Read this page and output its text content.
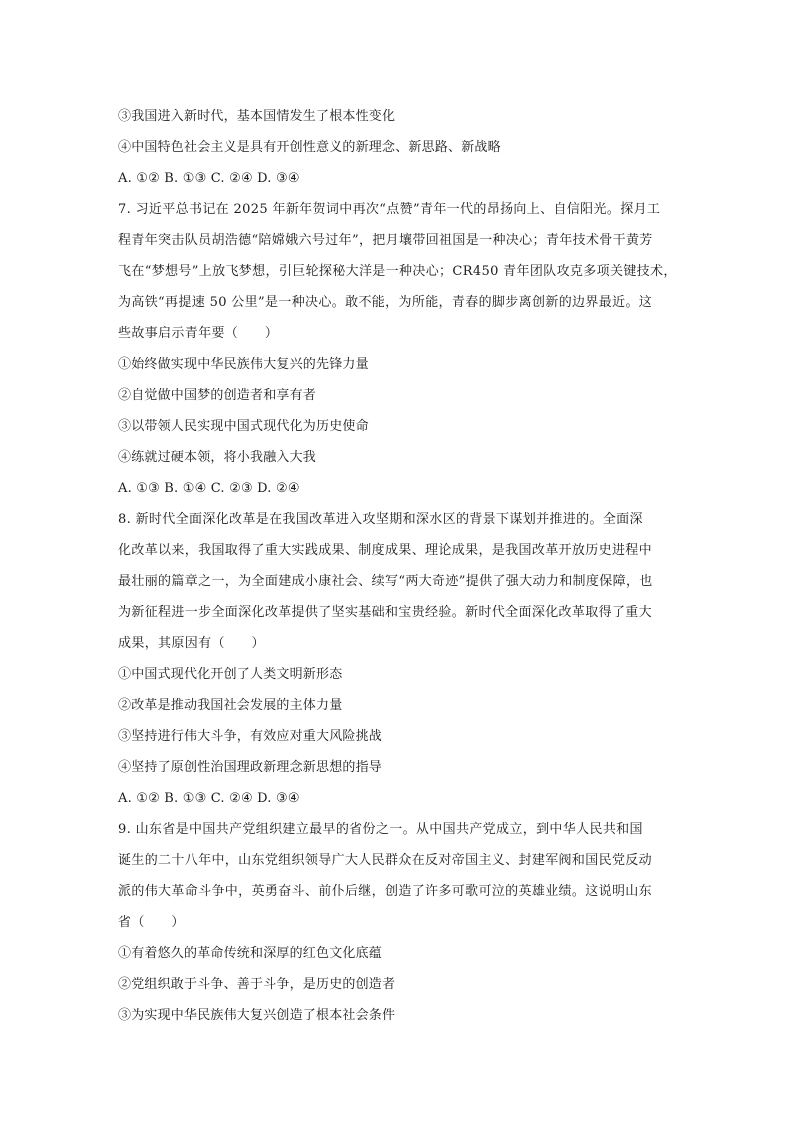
③我国进入新时代，基本国情发生了根本性变化
④中国特色社会主义是具有开创性意义的新理念、新思路、新战略
A. ①② B. ①③ C. ②④ D. ③④
7. 习近平总书记在 2025 年新年贺词中再次“点赞”青年一代的昂扬向上、自信阳光。探月工
程青年突击队员胡浩德“陪嫦娥六号过年”，把月壤带回祖国是一种决心；青年技术骨干黄芳
飞在“梦想号”上放飞梦想，引巨轮探秘大洋是一种决心；CR450 青年团队攻克多项关键技术，
为高铁“再提速 50 公里”是一种决心。敢不能，为所能，青春的脚步离创新的边界最近。这
些故事启示青年要（　　）
①始终做实现中华民族伟大复兴的先锋力量
②自觉做中国梦的创造者和享有者
③以带领人民实现中国式现代化为历史使命
④练就过硬本领，将小我融入大我
A. ①③ B. ①④ C. ②③ D. ②④
8. 新时代全面深化改革是在我国改革进入攻坚期和深水区的背景下谋划并推进的。全面深
化改革以来，我国取得了重大实践成果、制度成果、理论成果，是我国改革开放历史进程中
最壮丽的篇章之一，为全面建成小康社会、续写“两大奇迹”提供了强大动力和制度保障，也
为新征程进一步全面深化改革提供了坚实基础和宝贵经验。新时代全面深化改革取得了重大
成果，其原因有（　　）
①中国式现代化开创了人类文明新形态
②改革是推动我国社会发展的主体力量
③坚持进行伟大斗争，有效应对重大风险挑战
④坚持了原创性治国理政新理念新思想的指导
A. ①② B. ①③ C. ②④ D. ③④
9. 山东省是中国共产党组织建立最早的省份之一。从中国共产党成立，到中华人民共和国
诞生的二十八年中，山东党组织领导广大人民群众在反对帝国主义、封建军阀和国民党反动
派的伟大革命斗争中，英勇奋斗、前仆后继，创造了许多可歌可泣的英雄业绩。这说明山东
省（　　）
①有着悠久的革命传统和深厚的红色文化底蕴
②党组织敢于斗争、善于斗争，是历史的创造者
③为实现中华民族伟大复兴创造了根本社会条件
